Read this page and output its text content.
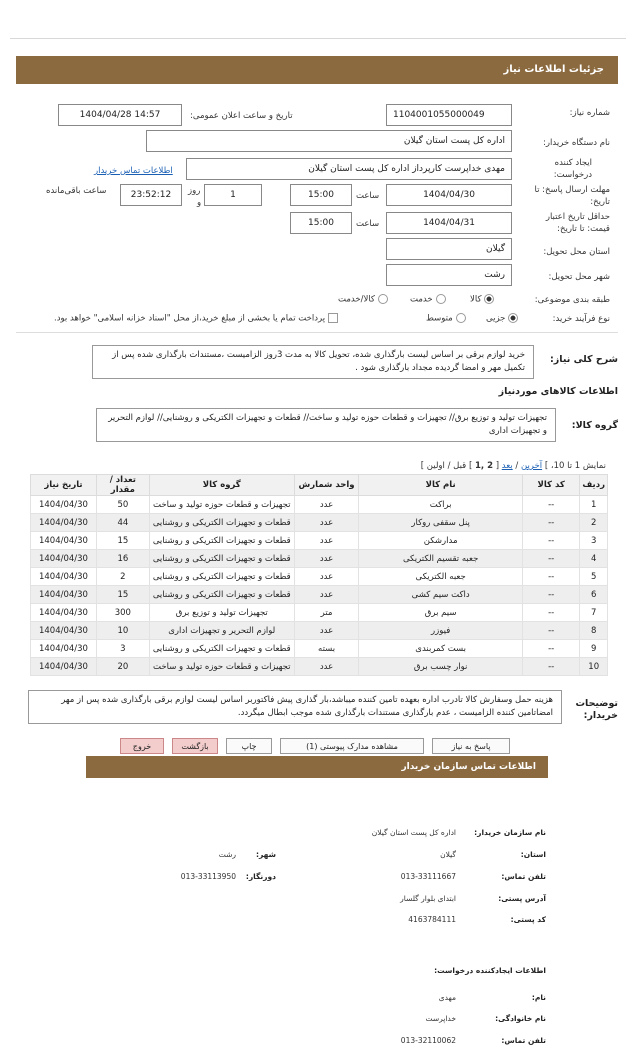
جزئیات اطلاعات نیاز
شماره نیاز:
1104001055000049
تاریخ و ساعت اعلان عمومی:
1404/04/28 14:57
نام دستگاه خریدار:
اداره کل پست استان گیلان
ایجاد کننده
درخواست:
مهدی خداپرست کارپرداز اداره کل پست استان گیلان
اطلاعات تماس خریدار
مهلت ارسال پاسخ: تا
تاریخ:
1404/04/30
ساعت
15:00
1
روز
و
23:52:12
ساعت باقی‌مانده
حداقل تاریخ اعتبار
قیمت: تا تاریخ:
1404/04/31
ساعت
15:00
استان محل تحویل:
گیلان
شهر محل تحویل:
رشت
طبقه بندی موضوعی:
کالا
خدمت
کالا/خدمت
نوع فرآیند خرید:
جزیی
متوسط
پرداخت تمام یا بخشی از مبلغ خرید،از محل "اسناد خزانه اسلامی" خواهد بود.
شرح کلی نیاز:
خرید لوازم برقی بر اساس لیست بارگذاری شده، تحویل کالا به مدت 3روز الزامیست ،مستندات بارگذاری شده پس از تکمیل مهر و امضا گردیده مجداد بارگذاری شود .
اطلاعات کالاهای موردنیاز
گروه کالا:
تجهیزات تولید و توزیع برق// تجهیزات و قطعات حوزه تولید و ساخت// قطعات و تجهیزات الکتریکی و روشنایی// لوازم التحریر و تجهیزات اداری
نمایش 1 تا 10، ] آخرین / بعد [ 2 ,1 ] قبل / اولین ]
ردیف	کد کالا	نام کالا	واحد شمارش	گروه کالا	تعداد / مقدار	تاریخ نیاز
1	--	براکت	عدد	تجهیزات و قطعات حوزه تولید و ساخت	50	1404/04/30
2	--	پنل سقفی روکار	عدد	قطعات و تجهیزات الکتریکی و روشنایی	44	1404/04/30
3	--	مدارشکن	عدد	قطعات و تجهیزات الکتریکی و روشنایی	15	1404/04/30
4	--	جعبه تقسیم الکتریکی	عدد	قطعات و تجهیزات الکتریکی و روشنایی	16	1404/04/30
5	--	جعبه الکتریکی	عدد	قطعات و تجهیزات الکتریکی و روشنایی	2	1404/04/30
6	--	داکت سیم کشی	عدد	قطعات و تجهیزات الکتریکی و روشنایی	15	1404/04/30
7	--	سیم برق	متر	تجهیزات تولید و توزیع برق	300	1404/04/30
8	--	فیوزر	عدد	لوازم التحریر و تجهیزات اداری	10	1404/04/30
9	--	بست کمربندی	بسته	قطعات و تجهیزات الکتریکی و روشنایی	3	1404/04/30
10	--	نوار چسب برق	عدد	تجهیزات و قطعات حوزه تولید و ساخت	20	1404/04/30
توضیحات
خریدار:
هزینه حمل وسفارش کالا تادرب اداره بعهده تامین کننده میباشد،بار گذاری پیش فاکتوربر اساس لیست لوازم برقی بارگذاری شده پس از مهر امضاتامین کننده الزامیست ، عدم بارگذاری مستندات بارگذاری شده موجب ابطال میگردد.
پاسخ به نیاز
مشاهده مدارک پیوستی (1)
چاپ
بازگشت
خروج
اطلاعات تماس سازمان خریدار
نام سازمان خریدار:
اداره کل پست استان گیلان
استان:
گیلان
شهر:
رشت
تلفن تماس:
013-33111667
دورنگار:
013-33113950
آدرس پستی:
ابتدای بلوار گلسار
کد پستی:
4163784111
اطلاعات ایجادکننده درخواست:
نام:
مهدی
نام خانوادگی:
خداپرست
تلفن تماس:
013-32110062
